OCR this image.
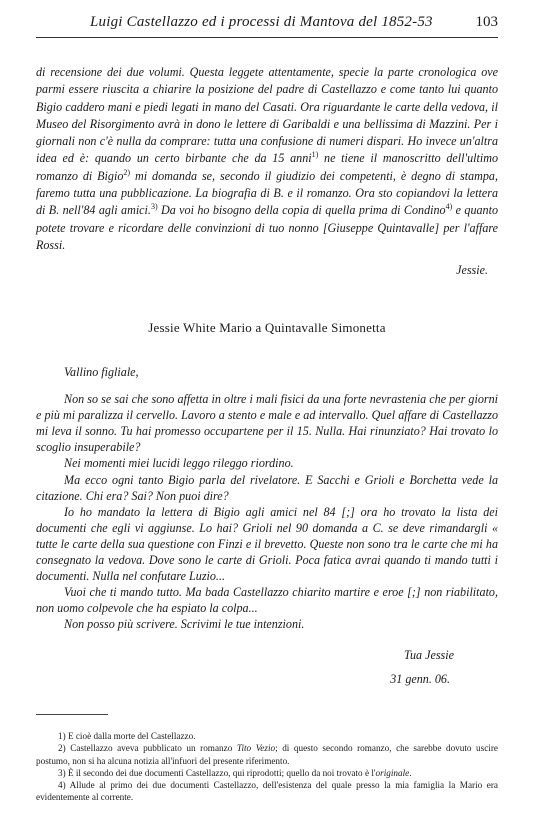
Luigi Castellazzo ed i processi di Mantova del 1852-53	103

di recensione dei due volumi. Questa leggete attentamente, specie la parte cronologica ove parmi essere riuscita a chiarire la posizione del padre di Castellazzo e come tanto lui quanto Bigio caddero mani e piedi legati in mano del Casati. Ora riguardante le carte della vedova, il Museo del Risorgimento avrà in dono le lettere di Garibaldi e una bellissima di Mazzini. Per i giornali non c'è nulla da comprare: tutta una confusione di numeri dispari. Ho invece un'altra idea ed è: quando un certo birbante che da 15 anni$^{1)}$ ne tiene il manoscritto dell'ultimo romanzo di Bigio$^{2)}$ mi domanda se, secondo il giudizio dei competenti, è degno di stampa, faremo tutta una pubblicazione. La biografia di B. e il romanzo. Ora sto copiandovi la lettera di B. nell'84 agli amici.$^{3)}$ Da voi ho bisogno della copia di quella prima di Condino$^{4)}$ e quanto potete trovare e ricordare delle convinzioni di tuo nonno [Giuseppe Quintavalle] per l'affare Rossi.

Jessie.

Jessie White Mario a Quintavalle Simonetta

Vallino figliale,

Non so se sai che sono affetta in oltre i mali fisici da una forte nevrastenia che per giorni e più mi paralizza il cervello. Lavoro a stento e male e ad intervallo. Quel affare di Castellazzo mi leva il sonno. Tu hai promesso occupartene per il 15. Nulla. Hai rinunziato? Hai trovato lo scoglio insuperabile?

Nei momenti miei lucidi leggo rileggo riordino.

Ma ecco ogni tanto Bigio parla del rivelatore. E Sacchi e Grioli e Borchetta vede la citazione. Chi era? Sai? Non puoi dire?

Io ho mandato la lettera di Bigio agli amici nel 84 [;] ora ho trovato la lista dei documenti che egli vi aggiunse. Lo hai? Grioli nel 90 domanda a C. se deve rimandargli « tutte le carte della sua questione con Finzi e il brevetto. Queste non sono tra le carte che mi ha consegnato la vedova. Dove sono le carte di Grioli. Poca fatica avrai quando ti mando tutti i documenti. Nulla nel confutare Luzio...

Vuoi che ti mando tutto. Ma bada Castellazzo chiarito martire e eroe [;] non riabilitato, non uomo colpevole che ha espiato la colpa...

Non posso più scrivere. Scrivimi le tue intenzioni.

Tua Jessie

31 genn. 06.

1) E cioè dalla morte del Castellazzo.

2) Castellazzo aveva pubblicato un romanzo Tito Vezio; di questo secondo romanzo, che sarebbe dovuto uscire postumo, non si ha alcuna notizia all'infuori del presente riferimento.

3) È il secondo dei due documenti Castellazzo, qui riprodotti; quello da noi trovato è l'originale.

4) Allude al primo dei due documenti Castellazzo, dell'esistenza del quale presso la mia famiglia la Mario era evidentemente al corrente.
